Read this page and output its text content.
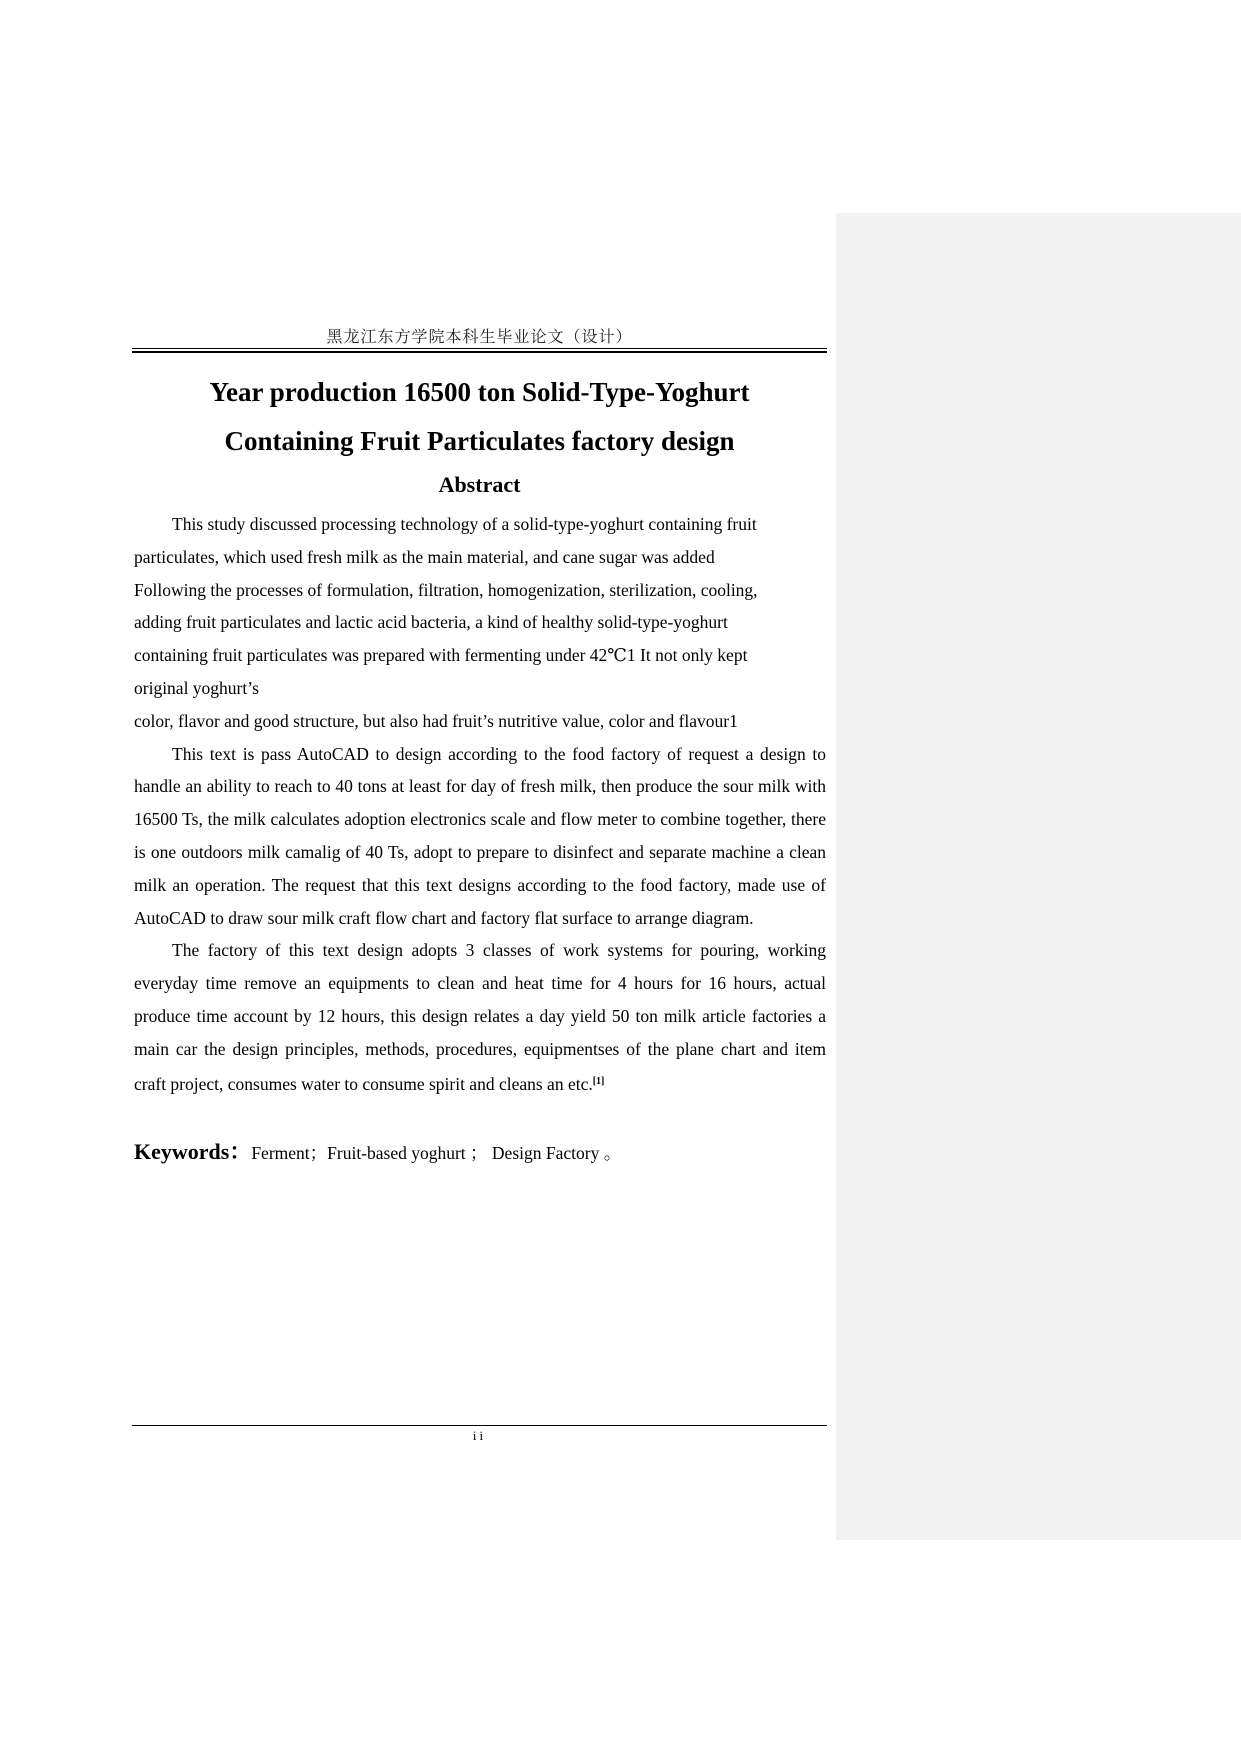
黑龙江东方学院本科生毕业论文（设计）
Year production 16500 ton Solid-Type-Yoghurt
Containing Fruit Particulates factory design
Abstract

This study discussed processing technology of a solid-type-yoghurt containing fruit

particulates, which used fresh milk as the main material, and cane sugar was added

Following the processes of formulation, filtration, homogenization, sterilization, cooling,

adding fruit particulates and lactic acid bacteria, a kind of healthy solid-type-yoghurt

containing fruit particulates was prepared with fermenting under 42℃1 It not only kept

original yoghurt’s

color, flavor and good structure, but also had fruit’s nutritive value, color and flavour1

This text is pass AutoCAD to design according to the food factory of request a design to handle an ability to reach to 40 tons at least for day of fresh milk, then produce the sour milk with 16500 Ts, the milk calculates adoption electronics scale and flow meter to combine together, there is one outdoors milk camalig of 40 Ts, adopt to prepare to disinfect and separate machine a clean milk an operation. The request that this text designs according to the food factory, made use of AutoCAD to draw sour milk craft flow chart and factory flat surface to arrange diagram.

The factory of this text design adopts 3 classes of work systems for pouring, working everyday time remove an equipments to clean and heat time for 4 hours for 16 hours, actual produce time account by 12 hours, this design relates a day yield 50 ton milk article factories a main car the design principles, methods, procedures, equipmentses of the plane chart and item craft project, consumes water to consume spirit and cleans an etc.[1]

Keywords：Ferment；Fruit-based yoghurt ； Design Factory 。
ii
